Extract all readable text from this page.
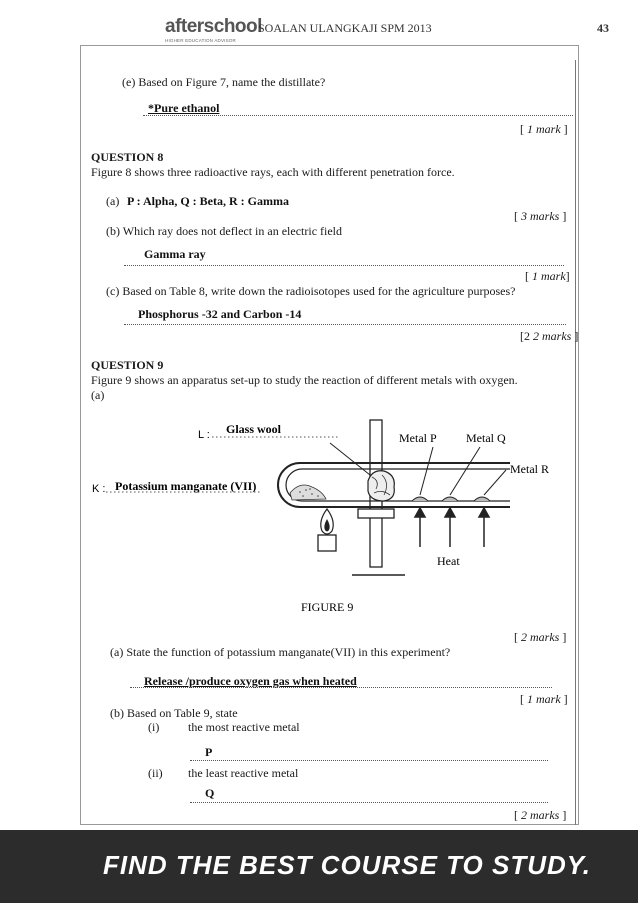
afterschool
HIGHER EDUCATION ADVISOR
SOALAN ULANGKAJI SPM 2013	43
(e) Based on Figure 7, name the distillate?
*Pure ethanol
[ 1 mark ]
QUESTION 8
Figure 8 shows three radioactive rays, each with different penetration force.
(a) P : Alpha, Q : Beta, R : Gamma
[ 3 marks ]
(b) Which ray does not deflect in an electric field
Gamma ray
[ 1 mark]
(c) Based on Table 8, write down the radioisotopes used for the agriculture purposes?
Phosphorus -32 and Carbon -14
[2 2 marks ]
QUESTION 9
Figure 9 shows an apparatus set-up to study the reaction of different metals with oxygen.
(a)
L : Glass wool
Metal P Metal Q
Metal R
K : Potassium manganate (VII)
Heat
FIGURE 9
[ 2 marks ]
(a) State the function of potassium manganate(VII) in this experiment?
Release /produce oxygen gas when heated
[ 1 mark ]
(b) Based on Table 9, state
(i) the most reactive metal
P
(ii) the least reactive metal
Q
[ 2 marks ]
FIND THE BEST COURSE TO STUDY.
